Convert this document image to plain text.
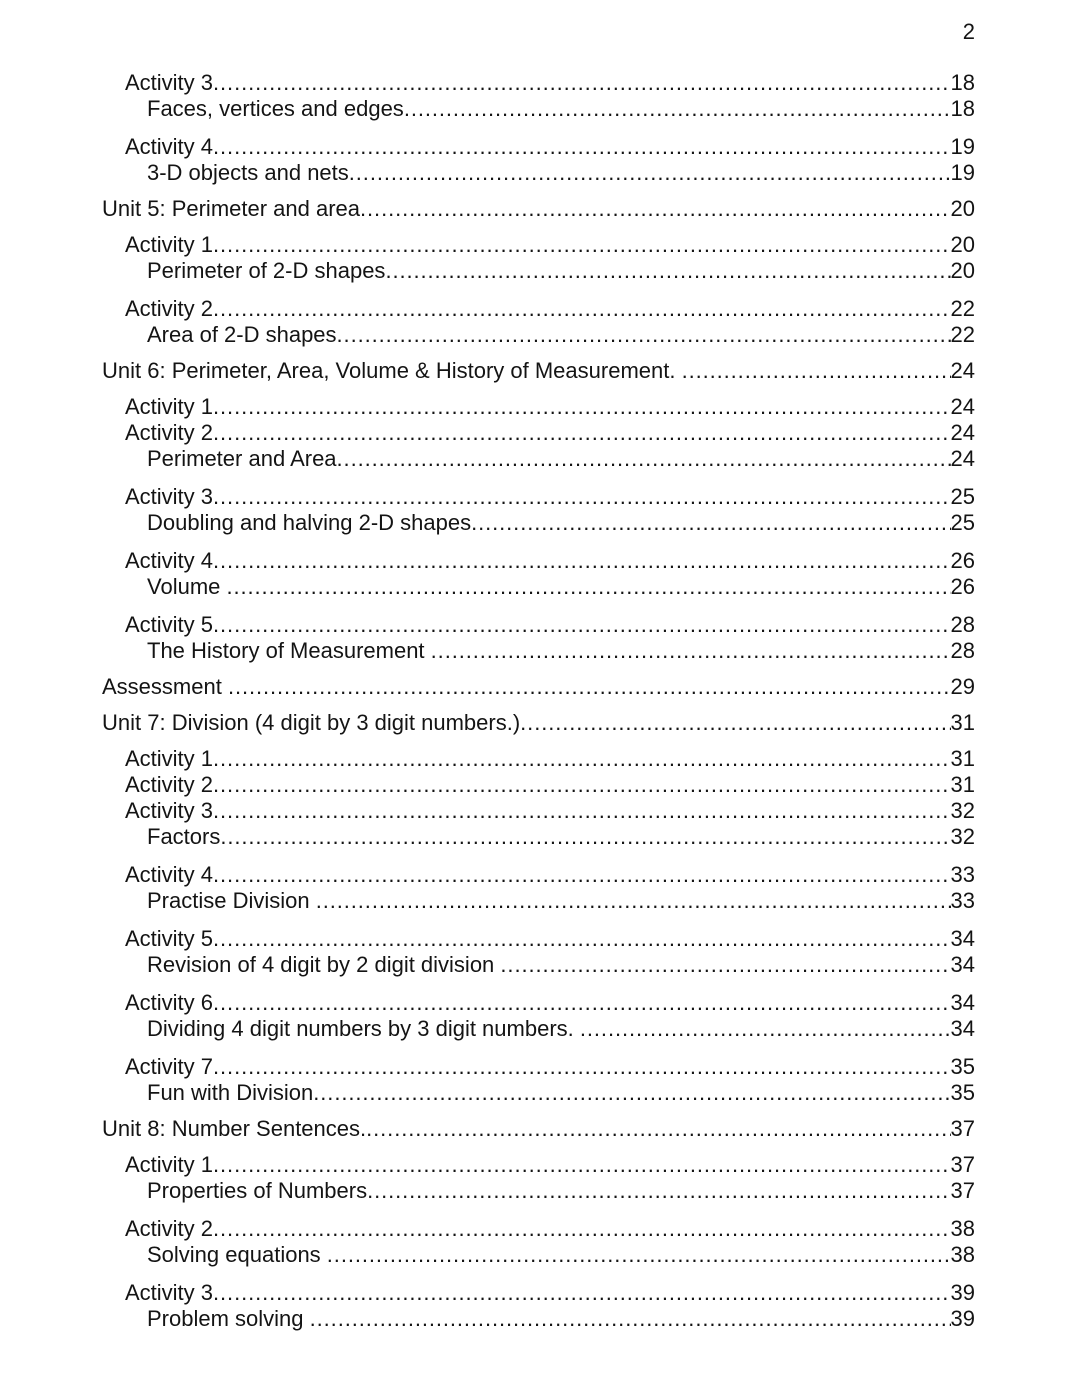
2
Activity 3 .....	18
Faces, vertices and edges .....	18
Activity 4 .....	19
3-D objects and nets .....	19
Unit 5: Perimeter and area .....	20
Activity 1 .....	20
Perimeter of 2-D shapes .....	20
Activity 2 .....	22
Area of 2-D shapes .....	22
Unit 6: Perimeter, Area, Volume & History of Measurement. .....	24
Activity 1 .....	24
Activity 2 .....	24
Perimeter and Area .....	24
Activity 3 .....	25
Doubling and halving 2-D shapes .....	25
Activity 4 .....	26
Volume .....	26
Activity 5 .....	28
The History of Measurement .....	28
Assessment .....	29
Unit 7: Division (4 digit by 3 digit numbers.) .....	31
Activity 1 .....	31
Activity 2 .....	31
Activity 3 .....	32
Factors .....	32
Activity 4 .....	33
Practise Division .....	33
Activity 5 .....	34
Revision of 4 digit by 2 digit division .....	34
Activity 6 .....	34
Dividing 4 digit numbers by 3 digit numbers. .....	34
Activity 7 .....	35
Fun with Division .....	35
Unit 8: Number Sentences. .....	37
Activity 1 .....	37
Properties of Numbers .....	37
Activity 2 .....	38
Solving equations .....	38
Activity 3 .....	39
Problem solving .....	39
